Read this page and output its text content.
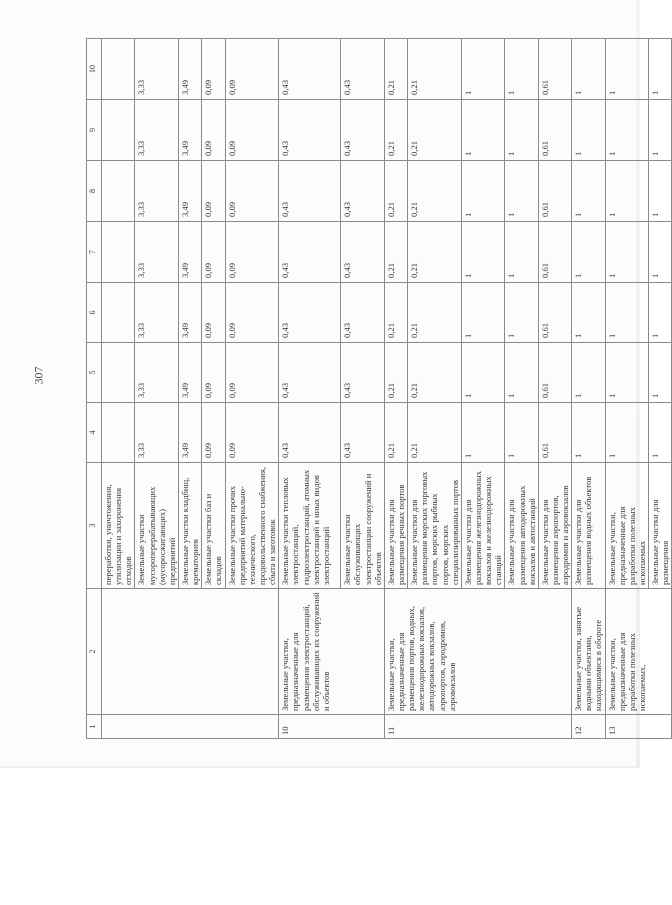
307
1	2	3	4	5	6	7	8	9	10
		переработки, уничтожения, утилизации и захоронения отходов							
		Земельные участки мусороперерабатывающих (мусоросжигающих) предприятий	3,33	3,33	3,33	3,33	3,33	3,33	3,33
		Земельные участки кладбищ, крематориев	3,49	3,49	3,49	3,49	3,49	3,49	3,49
		Земельные участки баз и складов	0,09	0,09	0,09	0,09	0,09	0,09	0,09
		Земельные участки прочих предприятий материально-технического, продовольственного снабжения, сбыта и заготовок	0,09	0,09	0,09	0,09	0,09	0,09	0,09
10	Земельные участки, предназначенные для размещения электростанций, обслуживающих их сооружений и объектов	Земельные участки тепловых электростанций, гидроэлектростанций, атомных электростанций и иных видов электростанций	0,43	0,43	0,43	0,43	0,43	0,43	0,43
		Земельные участки обслуживающих электростанции сооружений и объектов	0,43	0,43	0,43	0,43	0,43	0,43	0,43
11	Земельные участки, предназначенные для размещения портов, водных, железнодорожных вокзалов, автодорожных вокзалов, аэропортов, аэродромов, аэровокзалов	Земельные участки для размещения речных портов	0,21	0,21	0,21	0,21	0,21	0,21	0,21
		Земельные участки для размещения морских торговых портов, морских рыбных портов, морских специализированных портов	0,21	0,21	0,21	0,21	0,21	0,21	0,21
		Земельные участки для размещения железнодорожных вокзалов и железнодорожных станций	1	1	1	1	1	1	1
		Земельные участки для размещения автодорожных вокзалов и автостанций	1	1	1	1	1	1	1
		Земельные участки для размещения аэропортов, аэродромов и аэровокзалов	0,61	0,61	0,61	0,61	0,61	0,61	0,61
12	Земельные участки, занятые водными объектами, находящимися в обороте	Земельные участки для размещения водных объектов	1	1	1	1	1	1	1
13	Земельные участки, предназначенные для разработки полезных ископаемых,	Земельные участки, предназначенные для разработки полезных ископаемых	1	1	1	1	1	1	1
		Земельные участки для размещения	1	1	1	1	1	1	1
